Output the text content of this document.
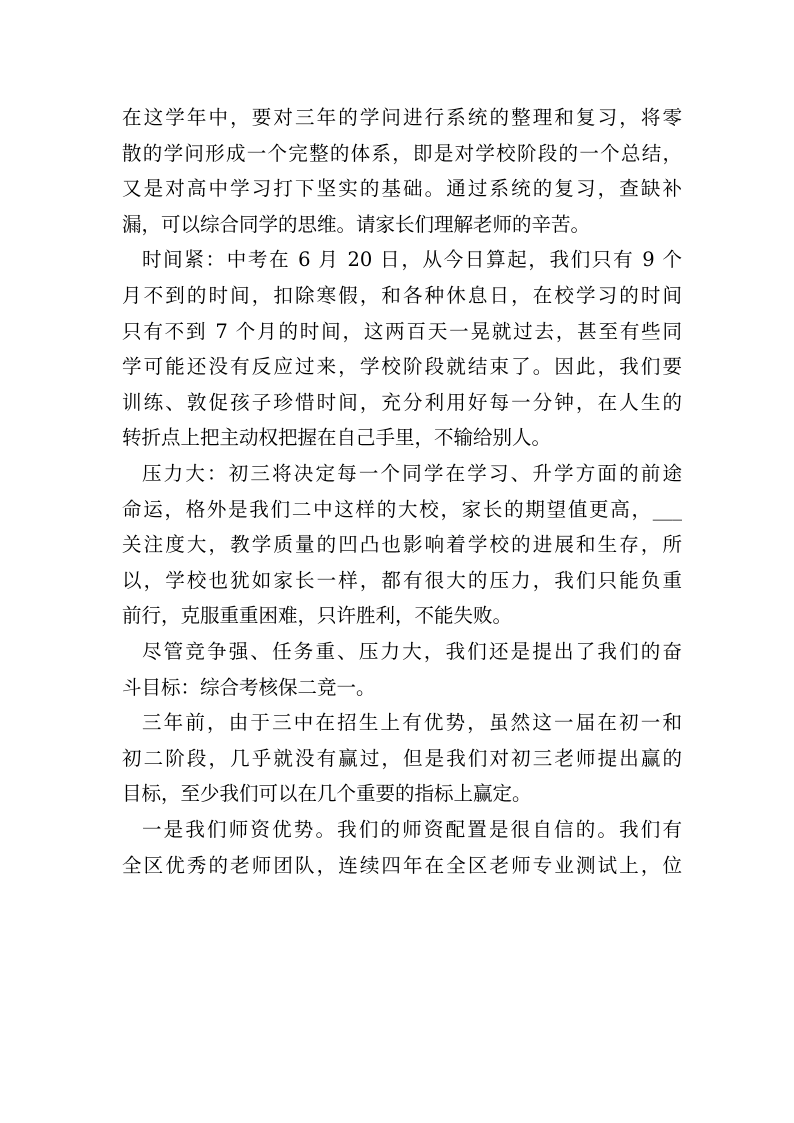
在这学年中，要对三年的学问进行系统的整理和复习，将零
散的学问形成一个完整的体系，即是对学校阶段的一个总结，
又是对高中学习打下坚实的基础。通过系统的复习，查缺补
漏，可以综合同学的思维。请家长们理解老师的辛苦。
时间紧：中考在 6 月 20 日，从今日算起，我们只有 9 个
月不到的时间，扣除寒假，和各种休息日，在校学习的时间
只有不到 7 个月的时间，这两百天一晃就过去，甚至有些同
学可能还没有反应过来，学校阶段就结束了。因此，我们要
训练、敦促孩子珍惜时间，充分利用好每一分钟，在人生的
转折点上把主动权把握在自己手里，不输给别人。
压力大：初三将决定每一个同学在学习、升学方面的前途
命运，格外是我们二中这样的大校，家长的期望值更高，___
关注度大，教学质量的凹凸也影响着学校的进展和生存，所
以，学校也犹如家长一样，都有很大的压力，我们只能负重
前行，克服重重困难，只许胜利，不能失败。
尽管竞争强、任务重、压力大，我们还是提出了我们的奋
斗目标：综合考核保二竞一。
三年前，由于三中在招生上有优势，虽然这一届在初一和
初二阶段，几乎就没有赢过，但是我们对初三老师提出赢的
目标，至少我们可以在几个重要的指标上赢定。
一是我们师资优势。我们的师资配置是很自信的。我们有
全区优秀的老师团队，连续四年在全区老师专业测试上，位
